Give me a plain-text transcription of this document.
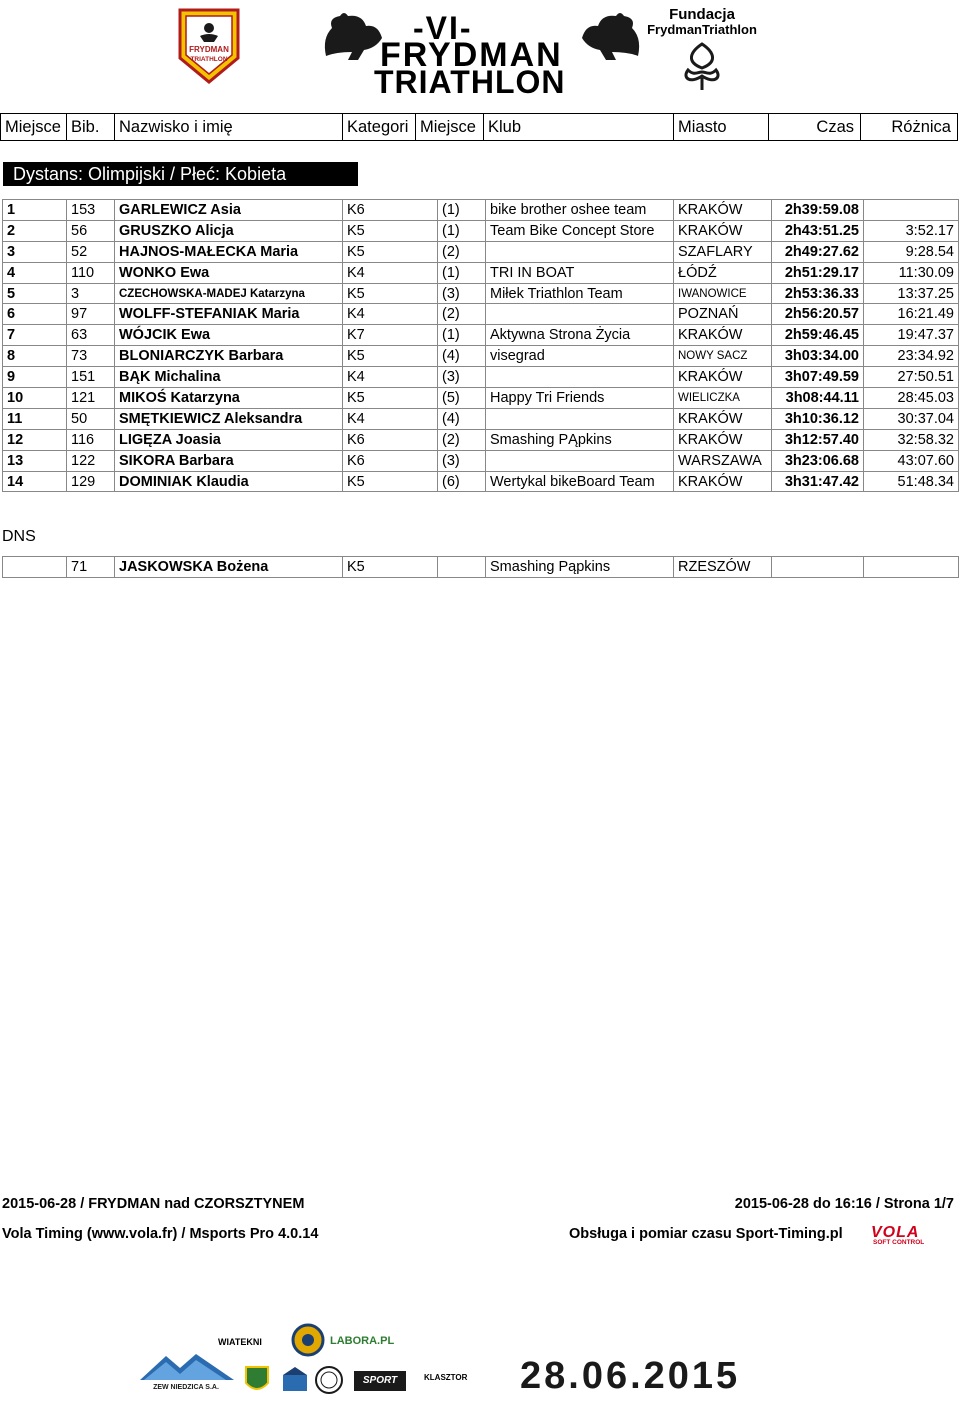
FRYDMAN
TRIATHLON
-VI-
FRYDMAN
TRIATHLON
Fundacja
FrydmanTriathlon
Miejsce Bib.	Nazwisko i imię	Kategori Miejsce Klub	Miasto	Czas	Różnica
Dystans: Olimpijski / Płeć: Kobieta
1	153	GARLEWICZ Asia	K6	(1)	bike brother oshee team	KRAKÓW	2h39:59.08	
2	56	GRUSZKO Alicja	K5	(1)	Team Bike Concept Store	KRAKÓW	2h43:51.25	3:52.17
3	52	HAJNOS-MAŁECKA Maria	K5	(2)		SZAFLARY	2h49:27.62	9:28.54
4	110	WONKO Ewa	K4	(1)	TRI IN BOAT	ŁÓDŹ	2h51:29.17	11:30.09
5	3	CZECHOWSKA-MADEJ Katarzyna	K5	(3)	Miłek Triathlon Team	IWANOWICE	2h53:36.33	13:37.25
6	97	WOLFF-STEFANIAK Maria	K4	(2)		POZNAŃ	2h56:20.57	16:21.49
7	63	WÓJCIK Ewa	K7	(1)	Aktywna Strona Życia	KRAKÓW	2h59:46.45	19:47.37
8	73	BLONIARCZYK Barbara	K5	(4)	visegrad	NOWY SACZ	3h03:34.00	23:34.92
9	151	BĄK Michalina	K4	(3)		KRAKÓW	3h07:49.59	27:50.51
10	121	MIKOŚ Katarzyna	K5	(5)	Happy Tri Friends	WIELICZKA	3h08:44.11	28:45.03
11	50	SMĘTKIEWICZ Aleksandra	K4	(4)		KRAKÓW	3h10:36.12	30:37.04
12	116	LIGĘZA Joasia	K6	(2)	Smashing PĄpkins	KRAKÓW	3h12:57.40	32:58.32
13	122	SIKORA Barbara	K6	(3)		WARSZAWA	3h23:06.68	43:07.60
14	129	DOMINIAK Klaudia	K5	(6)	Wertykal bikeBoard Team	KRAKÓW	3h31:47.42	51:48.34
DNS
	71	JASKOWSKA Bożena	K5		Smashing Pąpkins	RZESZÓW		
2015-06-28 / FRYDMAN nad CZORSZTYNEM	2015-06-28 do 16:16 / Strona 1/7
Vola Timing (www.vola.fr) / Msports Pro 4.0.14	Obsługa i pomiar czasu Sport-Timing.pl VOLA
SOFT CONTROL
ZEW NIEDZICA S.A.
WIATEKNI	LABORA.PL
SPORT	KLASZTOR 28.06.2015
